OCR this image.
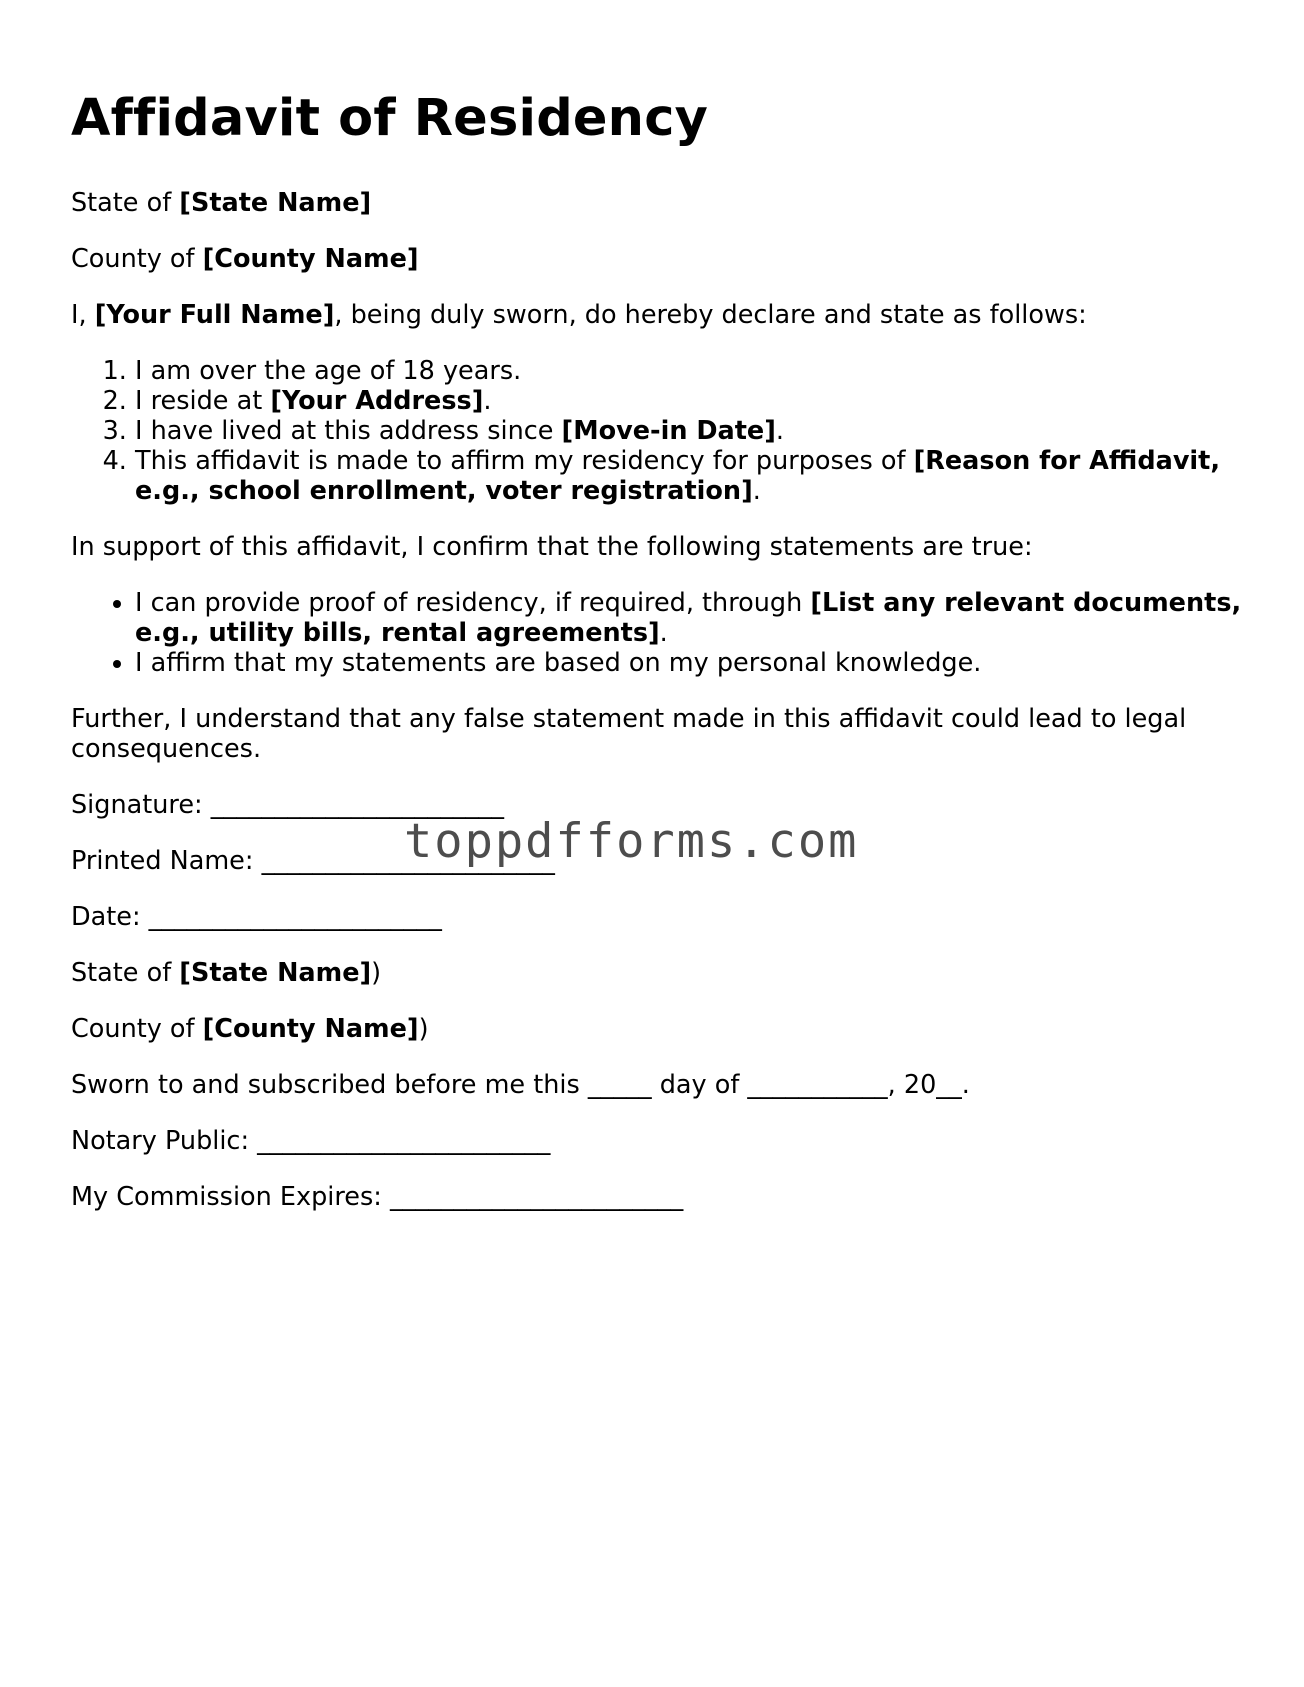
Affidavit of Residency

State of [State Name]

County of [County Name]

I, [Your Full Name], being duly sworn, do hereby declare and state as follows:

1. I am over the age of 18 years.
2. I reside at [Your Address].
3. I have lived at this address since [Move-in Date].
4. This affidavit is made to affirm my residency for purposes of [Reason for Affidavit, e.g., school enrollment, voter registration].

In support of this affidavit, I confirm that the following statements are true:

• I can provide proof of residency, if required, through [List any relevant documents, e.g., utility bills, rental agreements].
• I affirm that my statements are based on my personal knowledge.

Further, I understand that any false statement made in this affidavit could lead to legal consequences.

Signature: _______________________

Printed Name: _______________________

Date: _______________________

State of [State Name])

County of [County Name])

Sworn to and subscribed before me this _____ day of ___________, 20__.

Notary Public: _______________________

My Commission Expires: _______________________

toppdfforms.com
